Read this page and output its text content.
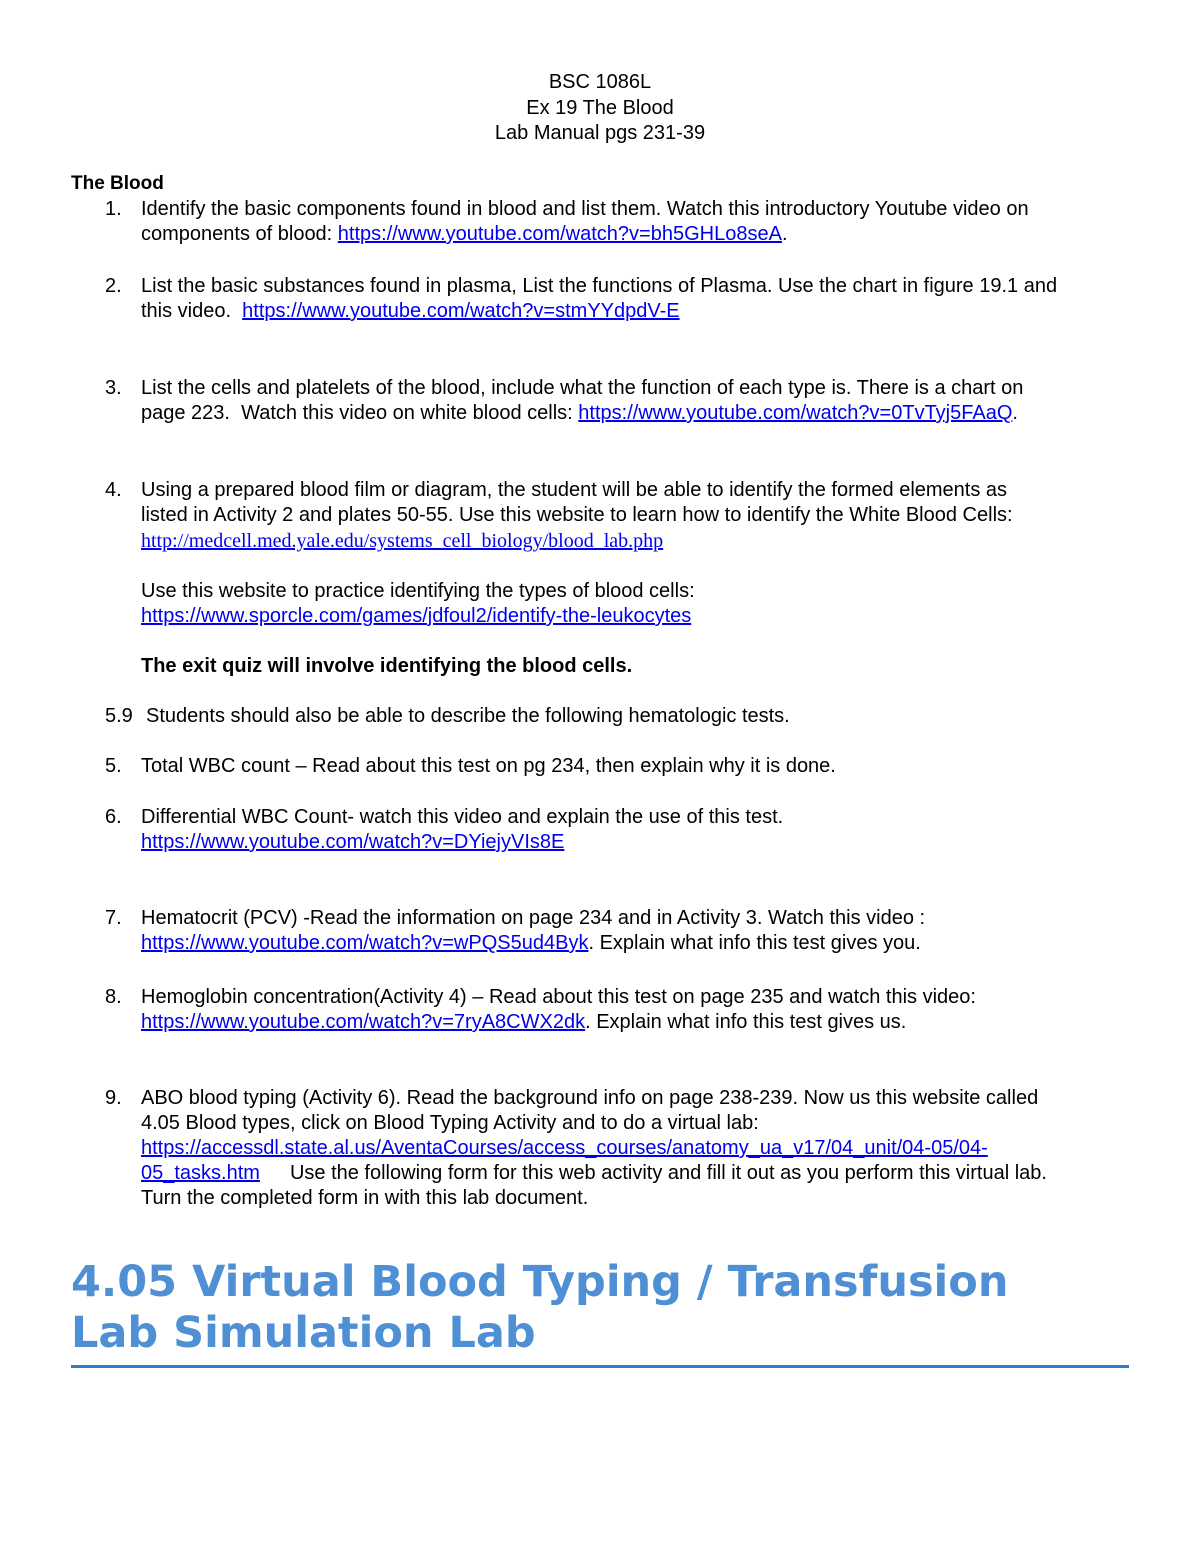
BSC 1086L
Ex 19 The Blood
Lab Manual pgs 231-39
The Blood
1. Identify the basic components found in blood and list them. Watch this introductory Youtube video on
components of blood: https://www.youtube.com/watch?v=bh5GHLo8seA.
2. List the basic substances found in plasma, List the functions of Plasma. Use the chart in figure 19.1 and
this video.  https://www.youtube.com/watch?v=stmYYdpdV-E
3. List the cells and platelets of the blood, include what the function of each type is. There is a chart on
page 223.  Watch this video on white blood cells: https://www.youtube.com/watch?v=0TvTyj5FAaQ.
4. Using a prepared blood film or diagram, the student will be able to identify the formed elements as
listed in Activity 2 and plates 50-55. Use this website to learn how to identify the White Blood Cells:
http://medcell.med.yale.edu/systems_cell_biology/blood_lab.php
Use this website to practice identifying the types of blood cells:
https://www.sporcle.com/games/jdfoul2/identify-the-leukocytes
The exit quiz will involve identifying the blood cells.
5.9 Students should also be able to describe the following hematologic tests.
5. Total WBC count – Read about this test on pg 234, then explain why it is done.
6. Differential WBC Count- watch this video and explain the use of this test.
https://www.youtube.com/watch?v=DYiejyVIs8E
7. Hematocrit (PCV) -Read the information on page 234 and in Activity 3. Watch this video :
https://www.youtube.com/watch?v=wPQS5ud4Byk. Explain what info this test gives you.
8. Hemoglobin concentration(Activity 4) – Read about this test on page 235 and watch this video:
https://www.youtube.com/watch?v=7ryA8CWX2dk. Explain what info this test gives us.
9. ABO blood typing (Activity 6). Read the background info on page 238-239. Now us this website called
4.05 Blood types, click on Blood Typing Activity and to do a virtual lab:
https://accessdl.state.al.us/AventaCourses/access_courses/anatomy_ua_v17/04_unit/04-05/04-
05_tasks.htm Use the following form for this web activity and fill it out as you perform this virtual lab.
Turn the completed form in with this lab document.
4.05 Virtual Blood Typing / Transfusion
Lab Simulation Lab
